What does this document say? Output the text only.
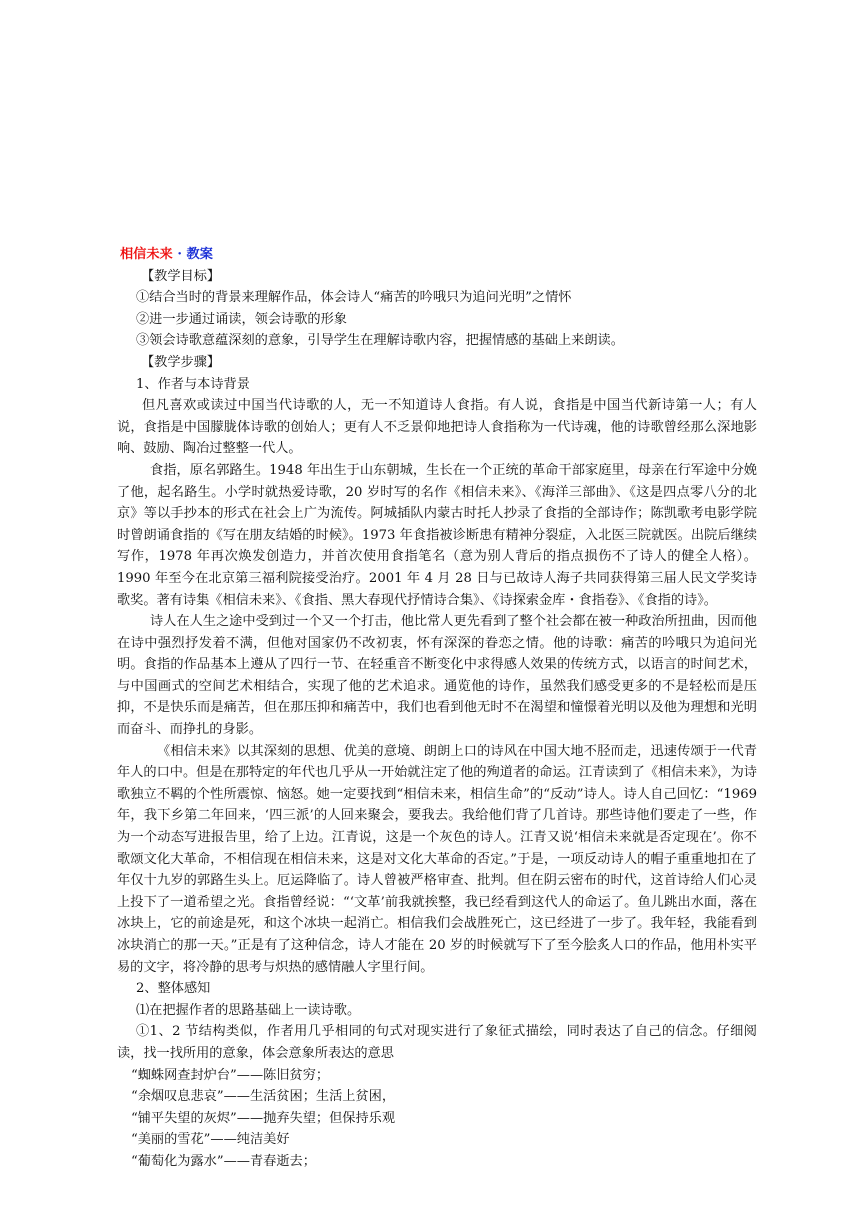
相信未来 · 教案
【教学目标】
①结合当时的背景来理解作品，体会诗人“痛苦的吟哦只为追问光明”之情怀
②进一步通过诵读，领会诗歌的形象
③领会诗歌意蕴深刻的意象，引导学生在理解诗歌内容，把握情感的基础上来朗读。
【教学步骤】
1、作者与本诗背景

但凡喜欢或读过中国当代诗歌的人，无一不知道诗人食指。有人说，食指是中国当代新诗第一人；有人说，食指是中国朦胧体诗歌的创始人；更有人不乏景仰地把诗人食指称为一代诗魂，他的诗歌曾经那么深地影响、鼓励、陶冶过整整一代人。

食指，原名郭路生。1948 年出生于山东朝城，生长在一个正统的革命干部家庭里，母亲在行军途中分娩了他，起名路生。小学时就热爱诗歌，20 岁时写的名作《相信未来》、《海洋三部曲》、《这是四点零八分的北京》等以手抄本的形式在社会上广为流传。阿城插队内蒙古时托人抄录了食指的全部诗作；陈凯歌考电影学院时曾朗诵食指的《写在朋友结婚的时候》。1973 年食指被诊断患有精神分裂症，入北医三院就医。出院后继续写作，1978 年再次焕发创造力，并首次使用食指笔名（意为别人背后的指点损伤不了诗人的健全人格）。1990 年至今在北京第三福利院接受治疗。2001 年 4 月 28 日与已故诗人海子共同获得第三届人民文学奖诗歌奖。著有诗集《相信未来》、《食指、黑大春现代抒情诗合集》、《诗探索金库・食指卷》、《食指的诗》。

诗人在人生之途中受到过一个又一个打击，他比常人更先看到了整个社会都在被一种政治所扭曲，因而他在诗中强烈抒发着不满，但他对国家仍不改初衷，怀有深深的眷恋之情。他的诗歌：痛苦的吟哦只为追问光明。食指的作品基本上遵从了四行一节、在轻重音不断变化中求得感人效果的传统方式，以语言的时间艺术，与中国画式的空间艺术相结合，实现了他的艺术追求。通览他的诗作，虽然我们感受更多的不是轻松而是压抑，不是快乐而是痛苦，但在那压抑和痛苦中，我们也看到他无时不在渴望和憧憬着光明以及他为理想和光明而奋斗、而挣扎的身影。

《相信未来》以其深刻的思想、优美的意境、朗朗上口的诗风在中国大地不胫而走，迅速传颂于一代青年人的口中。但是在那特定的年代也几乎从一开始就注定了他的殉道者的命运。江青读到了《相信未来》，为诗歌独立不羁的个性所震惊、恼怒。她一定要找到“相信未来，相信生命”的“反动”诗人。诗人自己回忆：“1969 年，我下乡第二年回来，‘四三派’的人回来聚会，要我去。我给他们背了几首诗。那些诗他们要走了一些，作为一个动态写进报告里，给了上边。江青说，这是一个灰色的诗人。江青又说‘相信未来就是否定现在’。你不歌颂文化大革命，不相信现在相信未来，这是对文化大革命的否定。”于是，一项反动诗人的帽子重重地扣在了年仅十九岁的郭路生头上。厄运降临了。诗人曾被严格审查、批判。但在阴云密布的时代，这首诗给人们心灵上投下了一道希望之光。食指曾经说：“‘文革’前我就挨整，我已经看到这代人的命运了。鱼儿跳出水面，落在冰块上，它的前途是死，和这个冰块一起消亡。相信我们会战胜死亡，这已经进了一步了。我年轻，我能看到冰块消亡的那一天。”正是有了这种信念，诗人才能在 20 岁的时候就写下了至今脍炙人口的作品，他用朴实平易的文字，将冷静的思考与炽热的感情融人字里行间。

2、整体感知
⑴在把握作者的思路基础上一读诗歌。

①1、2 节结构类似，作者用几乎相同的句式对现实进行了象征式描绘，同时表达了自己的信念。仔细阅读，找一找所用的意象，体会意象所表达的意思

“蜘蛛网查封炉台”——陈旧贫穷；
“余烟叹息悲哀”——生活贫困；生活上贫困，
“铺平失望的灰烬”——抛弃失望；但保持乐观
“美丽的雪花”——纯洁美好
“葡萄化为露水”——青春逝去；
